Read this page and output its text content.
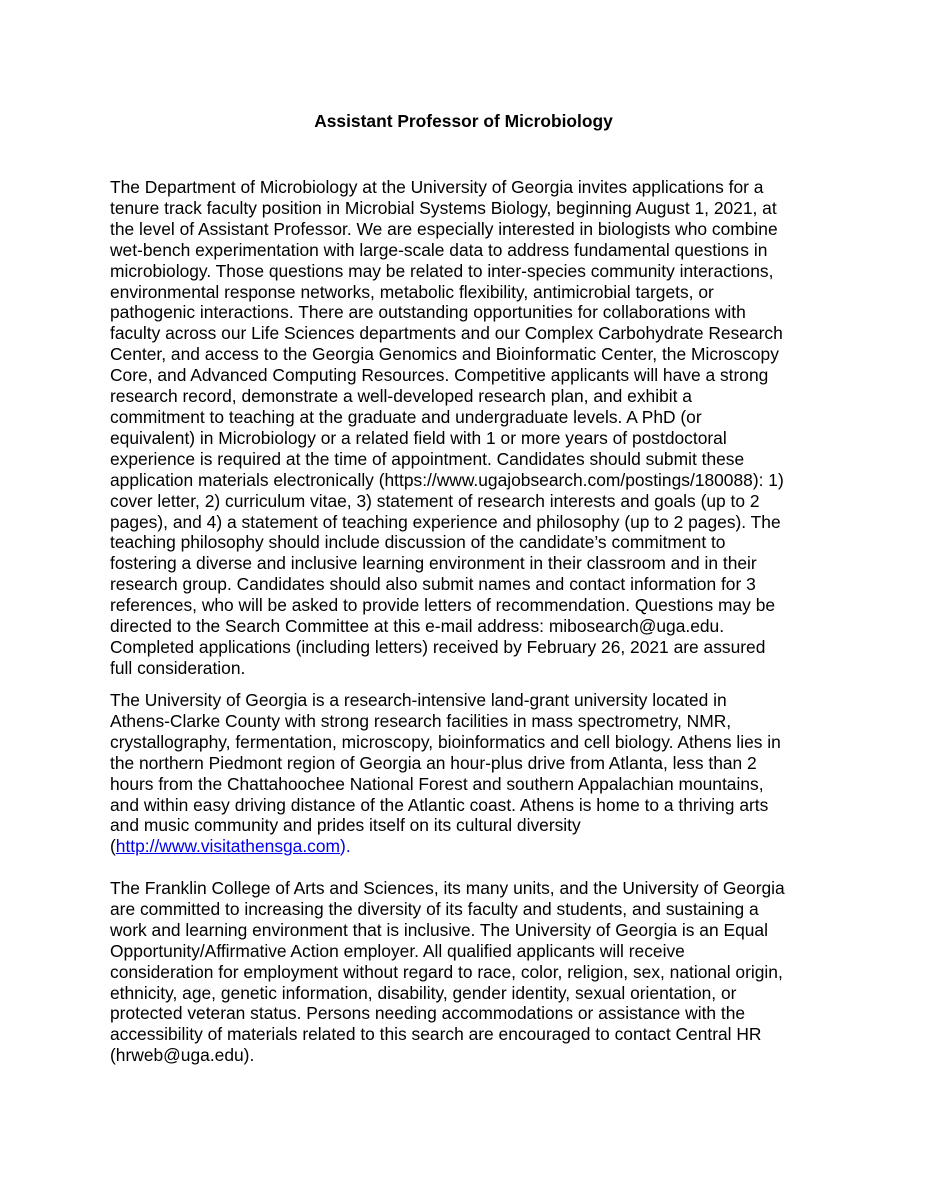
Assistant Professor of Microbiology
The Department of Microbiology at the University of Georgia invites applications for a
tenure track faculty position in Microbial Systems Biology, beginning August 1, 2021, at
the level of Assistant Professor. We are especially interested in biologists who combine
wet-bench experimentation with large-scale data to address fundamental questions in
microbiology. Those questions may be related to inter-species community interactions,
environmental response networks, metabolic flexibility, antimicrobial targets, or
pathogenic interactions. There are outstanding opportunities for collaborations with
faculty across our Life Sciences departments and our Complex Carbohydrate Research
Center, and access to the Georgia Genomics and Bioinformatic Center, the Microscopy
Core, and Advanced Computing Resources. Competitive applicants will have a strong
research record, demonstrate a well-developed research plan, and exhibit a
commitment to teaching at the graduate and undergraduate levels. A PhD (or
equivalent) in Microbiology or a related field with 1 or more years of postdoctoral
experience is required at the time of appointment. Candidates should submit these
application materials electronically (https://www.ugajobsearch.com/postings/180088): 1)
cover letter, 2) curriculum vitae, 3) statement of research interests and goals (up to 2
pages), and 4) a statement of teaching experience and philosophy (up to 2 pages). The
teaching philosophy should include discussion of the candidate’s commitment to
fostering a diverse and inclusive learning environment in their classroom and in their
research group. Candidates should also submit names and contact information for 3
references, who will be asked to provide letters of recommendation. Questions may be
directed to the Search Committee at this e-mail address: mibosearch@uga.edu.
Completed applications (including letters) received by February 26, 2021 are assured
full consideration.
The University of Georgia is a research-intensive land-grant university located in
Athens-Clarke County with strong research facilities in mass spectrometry, NMR,
crystallography, fermentation, microscopy, bioinformatics and cell biology. Athens lies in
the northern Piedmont region of Georgia an hour-plus drive from Atlanta, less than 2
hours from the Chattahoochee National Forest and southern Appalachian mountains,
and within easy driving distance of the Atlantic coast. Athens is home to a thriving arts
and music community and prides itself on its cultural diversity
(http://www.visitathensga.com).
The Franklin College of Arts and Sciences, its many units, and the University of Georgia
are committed to increasing the diversity of its faculty and students, and sustaining a
work and learning environment that is inclusive. The University of Georgia is an Equal
Opportunity/Affirmative Action employer. All qualified applicants will receive
consideration for employment without regard to race, color, religion, sex, national origin,
ethnicity, age, genetic information, disability, gender identity, sexual orientation, or
protected veteran status. Persons needing accommodations or assistance with the
accessibility of materials related to this search are encouraged to contact Central HR
(hrweb@uga.edu).
